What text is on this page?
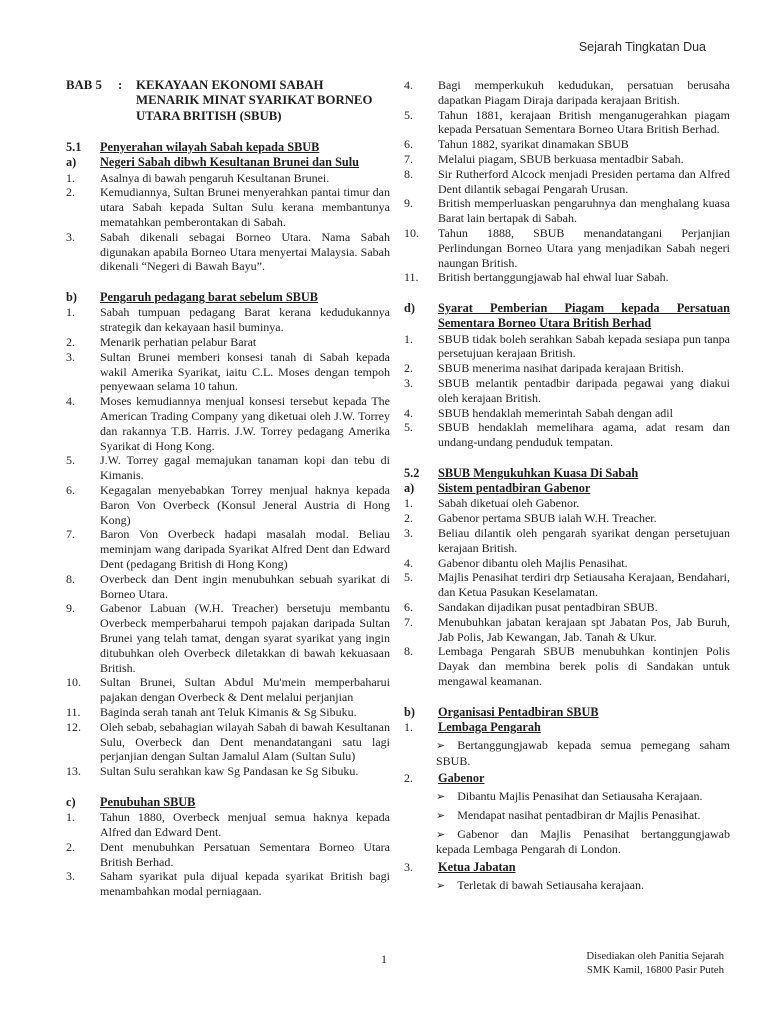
Sejarah Tingkatan Dua
BAB 5 : KEKAYAAN EKONOMI SABAH
MENARIK MINAT SYARIKAT BORNEO
UTARA BRITISH (SBUB)
5.1 Penyerahan wilayah Sabah kepada SBUB
a) Negeri Sabah dibwh Kesultanan Brunei dan Sulu
1. Asalnya di bawah pengaruh Kesultanan Brunei.
2. Kemudiannya, Sultan Brunei menyerahkan pantai timur dan utara Sabah kepada Sultan Sulu kerana membantunya mematahkan pemberontakan di Sabah.
3. Sabah dikenali sebagai Borneo Utara. Nama Sabah digunakan apabila Borneo Utara menyertai Malaysia. Sabah dikenali “Negeri di Bawah Bayu”.
b) Pengaruh pedagang barat sebelum SBUB
1. Sabah tumpuan pedagang Barat kerana kedudukannya strategik dan kekayaan hasil buminya.
2. Menarik perhatian pelabur Barat
3. Sultan Brunei memberi konsesi tanah di Sabah kepada wakil Amerika Syarikat, iaitu C.L. Moses dengan tempoh penyewaan selama 10 tahun.
4. Moses kemudiannya menjual konsesi tersebut kepada The American Trading Company yang diketuai oleh J.W. Torrey dan rakannya T.B. Harris. J.W. Torrey pedagang Amerika Syarikat di Hong Kong.
5. J.W. Torrey gagal memajukan tanaman kopi dan tebu di Kimanis.
6. Kegagalan menyebabkan Torrey menjual haknya kepada Baron Von Overbeck (Konsul Jeneral Austria di Hong Kong)
7. Baron Von Overbeck hadapi masalah modal. Beliau meminjam wang daripada Syarikat Alfred Dent dan Edward Dent (pedagang British di Hong Kong)
8. Overbeck dan Dent ingin menubuhkan sebuah syarikat di Borneo Utara.
9. Gabenor Labuan (W.H. Treacher) bersetuju membantu Overbeck memperbaharui tempoh pajakan daripada Sultan Brunei yang telah tamat, dengan syarat syarikat yang ingin ditubuhkan oleh Overbeck diletakkan di bawah kekuasaan British.
10. Sultan Brunei, Sultan Abdul Mu'mein memperbaharui pajakan dengan Overbeck & Dent melalui perjanjian
11. Baginda serah tanah ant Teluk Kimanis & Sg Sibuku.
12. Oleh sebab, sebahagian wilayah Sabah di bawah Kesultanan Sulu, Overbeck dan Dent menandatangani satu lagi perjanjian dengan Sultan Jamalul Alam (Sultan Sulu)
13. Sultan Sulu serahkan kaw Sg Pandasan ke Sg Sibuku.
c) Penubuhan SBUB
1. Tahun 1880, Overbeck menjual semua haknya kepada Alfred dan Edward Dent.
2. Dent menubuhkan Persatuan Sementara Borneo Utara British Berhad.
3. Saham syarikat pula dijual kepada syarikat British bagi menambahkan modal perniagaan.
4. Bagi memperkukuh kedudukan, persatuan berusaha dapatkan Piagam Diraja daripada kerajaan British.
5. Tahun 1881, kerajaan British menganugerahkan piagam kepada Persatuan Sementara Borneo Utara British Berhad.
6. Tahun 1882, syarikat dinamakan SBUB
7. Melalui piagam, SBUB berkuasa mentadbir Sabah.
8. Sir Rutherford Alcock menjadi Presiden pertama dan Alfred Dent dilantik sebagai Pengarah Urusan.
9. British memperluaskan pengaruhnya dan menghalang kuasa Barat lain bertapak di Sabah.
10. Tahun 1888, SBUB menandatangani Perjanjian Perlindungan Borneo Utara yang menjadikan Sabah negeri naungan British.
11. British bertanggungjawab hal ehwal luar Sabah.
d) Syarat Pemberian Piagam kepada Persatuan Sementara Borneo Utara British Berhad
1. SBUB tidak boleh serahkan Sabah kepada sesiapa pun tanpa persetujuan kerajaan British.
2. SBUB menerima nasihat daripada kerajaan British.
3. SBUB melantik pentadbir daripada pegawai yang diakui oleh kerajaan British.
4. SBUB hendaklah memerintah Sabah dengan adil
5. SBUB hendaklah memelihara agama, adat resam dan undang-undang penduduk tempatan.
5.2 SBUB Mengukuhkan Kuasa Di Sabah
a) Sistem pentadbiran Gabenor
1. Sabah diketuai oleh Gabenor.
2. Gabenor pertama SBUB ialah W.H. Treacher.
3. Beliau dilantik oleh pengarah syarikat dengan persetujuan kerajaan British.
4. Gabenor dibantu oleh Majlis Penasihat.
5. Majlis Penasihat terdiri drp Setiausaha Kerajaan, Bendahari, dan Ketua Pasukan Keselamatan.
6. Sandakan dijadikan pusat pentadbiran SBUB.
7. Menubuhkan jabatan kerajaan spt Jabatan Pos, Jab Buruh, Jab Polis, Jab Kewangan, Jab. Tanah & Ukur.
8. Lembaga Pengarah SBUB menubuhkan kontinjen Polis Dayak dan membina berek polis di Sandakan untuk mengawal keamanan.
b) Organisasi Pentadbiran SBUB
1. Lembaga Pengarah
➢ Bertanggungjawab kepada semua pemegang saham SBUB.
2. Gabenor
➢ Dibantu Majlis Penasihat dan Setiausaha Kerajaan.
➢ Mendapat nasihat pentadbiran dr Majlis Penasihat.
➢ Gabenor dan Majlis Penasihat bertanggungjawab kepada Lembaga Pengarah di London.
3. Ketua Jabatan
➢ Terletak di bawah Setiausaha kerajaan.
1	Disediakan oleh Panitia Sejarah
SMK Kamil, 16800 Pasir Puteh
